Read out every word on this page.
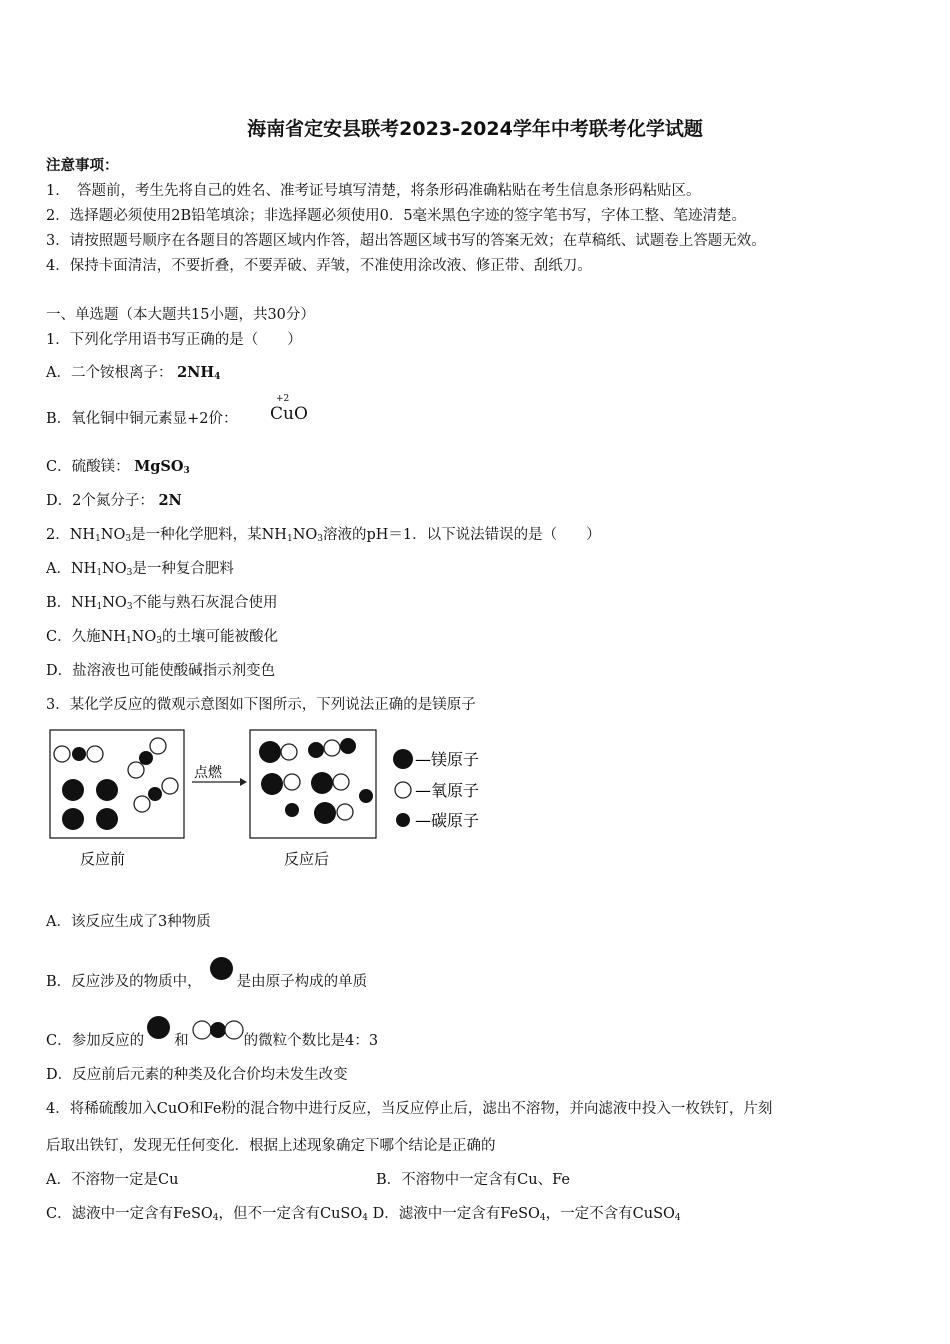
海南省定安县联考2023-2024学年中考联考化学试题
注意事项：
1．　答题前，考生先将自己的姓名、准考证号填写清楚，将条形码准确粘贴在考生信息条形码粘贴区。
2．选择题必须使用2B铅笔填涂；非选择题必须使用0．5毫米黑色字迹的签字笔书写，字体工整、笔迹清楚。
3．请按照题号顺序在各题目的答题区域内作答，超出答题区域书写的答案无效；在草稿纸、试题卷上答题无效。
4．保持卡面清洁，不要折叠，不要弄破、弄皱，不准使用涂改液、修正带、刮纸刀。
一、单选题（本大题共15小题，共30分）
1．下列化学用语书写正确的是（　　）
A．二个铵根离子： $2NH_4$
B．氧化铜中铜元素显+2价：
+2
CuO
C．硫酸镁： MgSO$_3$
D．2个氮分子： 2N
2．$NH_1NO_3$是一种化学肥料，某$NH_1NO_3$溶液的pH＝1．以下说法错误的是（　　）
A．$NH_1NO_3$是一种复合肥料
B．$NH_1NO_3$不能与熟石灰混合使用
C．久施$NH_1NO_3$的土壤可能被酸化
D．盐溶液也可能使酸碱指示剂变色
3．某化学反应的微观示意图如下图所示，下列说法正确的是镁原子
点燃
—镁原子
—氧原子
—碳原子
反应前	反应后
A．该反应生成了3种物质
B．反应涉及的物质中， 是由原子构成的单质
C．参加反应的 和	的微粒个数比是4：3
D．反应前后元素的种类及化合价均未发生改变
4．将稀硫酸加入CuO和Fe粉的混合物中进行反应，当反应停止后，滤出不溶物，并向滤液中投入一枚铁钉，片刻
后取出铁钉，发现无任何变化．根据上述现象确定下哪个结论是正确的
A．不溶物一定是Cu	B．不溶物中一定含有Cu、Fe
C．滤液中一定含有FeSO$_4$，但不一定含有CuSO$_4$ D．滤液中一定含有FeSO$_4$，一定不含有CuSO$_4$
